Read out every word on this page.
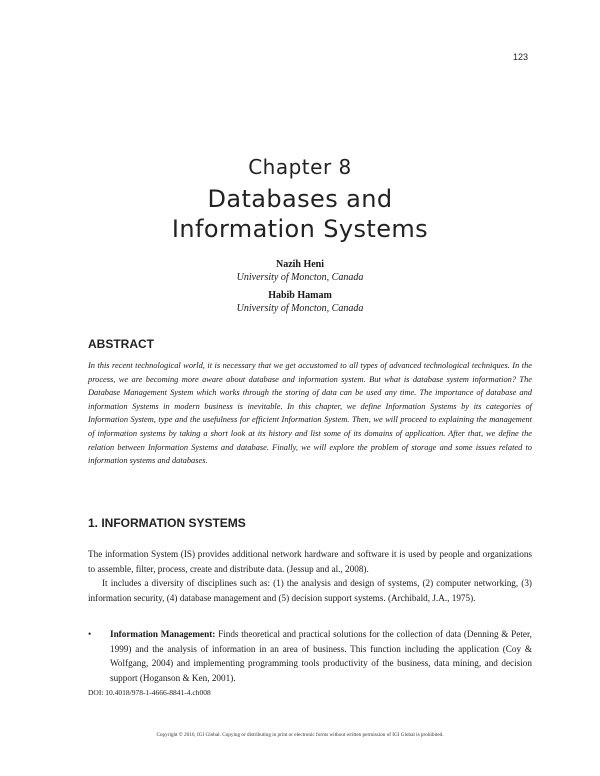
123
Chapter 8
Databases and
Information Systems
Nazih Heni
University of Moncton, Canada
Habib Hamam
University of Moncton, Canada
ABSTRACT

In this recent technological world, it is necessary that we get accustomed to all types of advanced technological techniques. In the process, we are becoming more aware about database and information system. But what is database system information? The Database Management System which works through the storing of data can be used any time. The importance of database and information Systems in modern business is inevitable. In this chapter, we define Information Systems by its categories of Information System, type and the usefulness for efficient Information System. Then, we will proceed to explaining the management of information systems by taking a short look at its history and list some of its domains of application. After that, we define the relation between Information Systems and database. Finally, we will explore the problem of storage and some issues related to information systems and databases.

1. INFORMATION SYSTEMS

The information System (IS) provides additional network hardware and software it is used by people and organizations to assemble, filter, process, create and distribute data. (Jessup and al., 2008).

It includes a diversity of disciplines such as: (1) the analysis and design of systems, (2) computer networking, (3) information security, (4) database management and (5) decision support systems. (Archibald, J.A., 1975).

• Information Management: Finds theoretical and practical solutions for the collection of data (Denning & Peter, 1999) and the analysis of information in an area of business. This function including the application (Coy & Wolfgang, 2004) and implementing programming tools productivity of the business, data mining, and decision support (Hoganson & Ken, 2001).
DOI: 10.4018/978-1-4666-8841-4.ch008
Copyright © 2016, IGI Global. Copying or distributing in print or electronic forms without written permission of IGI Global is prohibited.
